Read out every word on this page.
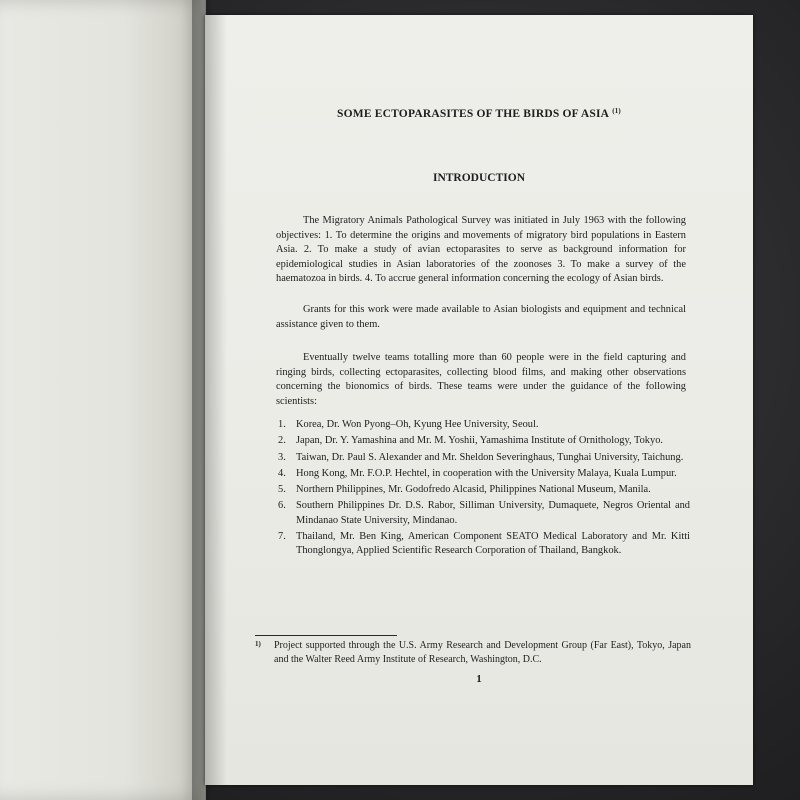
SOME ECTOPARASITES OF THE BIRDS OF ASIA $^{(1)}$
INTRODUCTION

The Migratory Animals Pathological Survey was initiated in July 1963 with the following objectives: 1. To determine the origins and movements of migratory bird populations in Eastern Asia. 2. To make a study of avian ectoparasites to serve as background information for epidemiological studies in Asian laboratories of the zoonoses 3. To make a survey of the haematozoa in birds. 4. To accrue general information concerning the ecology of Asian birds.

Grants for this work were made available to Asian biologists and equipment and technical assistance given to them.

Eventually twelve teams totalling more than 60 people were in the field capturing and ringing birds, collecting ectoparasites, collecting blood films, and making other observations concerning the bionomics of birds. These teams were under the guidance of the following scientists:

1. Korea, Dr. Won Pyong–Oh, Kyung Hee University, Seoul.
2. Japan, Dr. Y. Yamashina and Mr. M. Yoshii, Yamashima Institute of Ornithology, Tokyo.
3. Taiwan, Dr. Paul S. Alexander and Mr. Sheldon Severinghaus, Tunghai University, Taichung.
4. Hong Kong, Mr. F.O.P. Hechtel, in cooperation with the University Malaya, Kuala Lumpur.
5. Northern Philippines, Mr. Godofredo Alcasid, Philippines National Museum, Manila.
6. Southern Philippines Dr. D.S. Rabor, Silliman University, Dumaquete, Negros Oriental and Mindanao State University, Mindanao.
7. Thailand, Mr. Ben King, American Component SEATO Medical Laboratory and Mr. Kitti Thonglongya, Applied Scientific Research Corporation of Thailand, Bangkok.
1)	Project supported through the U.S. Army Research and Development Group (Far East), Tokyo, Japan and the Walter Reed Army Institute of Research, Washington, D.C.
1
